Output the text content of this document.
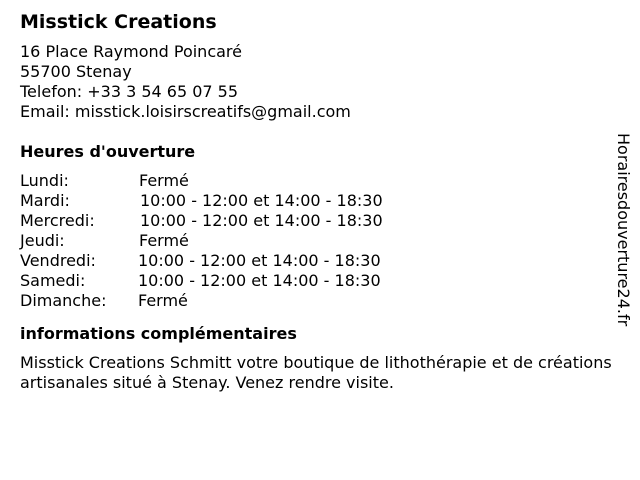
Misstick Creations
16 Place Raymond Poincaré
55700 Stenay
Telefon: +33 3 54 65 07 55
Email: misstick.loisirscreatifs@gmail.com
Heures d'ouverture
Lundi:	Fermé
Mardi:	10:00 - 12:00 et 14:00 - 18:30
Mercredi:	10:00 - 12:00 et 14:00 - 18:30
Jeudi:	Fermé
Vendredi:	10:00 - 12:00 et 14:00 - 18:30
Samedi:	10:00 - 12:00 et 14:00 - 18:30
Dimanche:	Fermé
informations complémentaires
Misstick Creations Schmitt votre boutique de lithothérapie et de créations artisanales situé à Stenay. Venez rendre visite.
Horairesdouverture24.fr
